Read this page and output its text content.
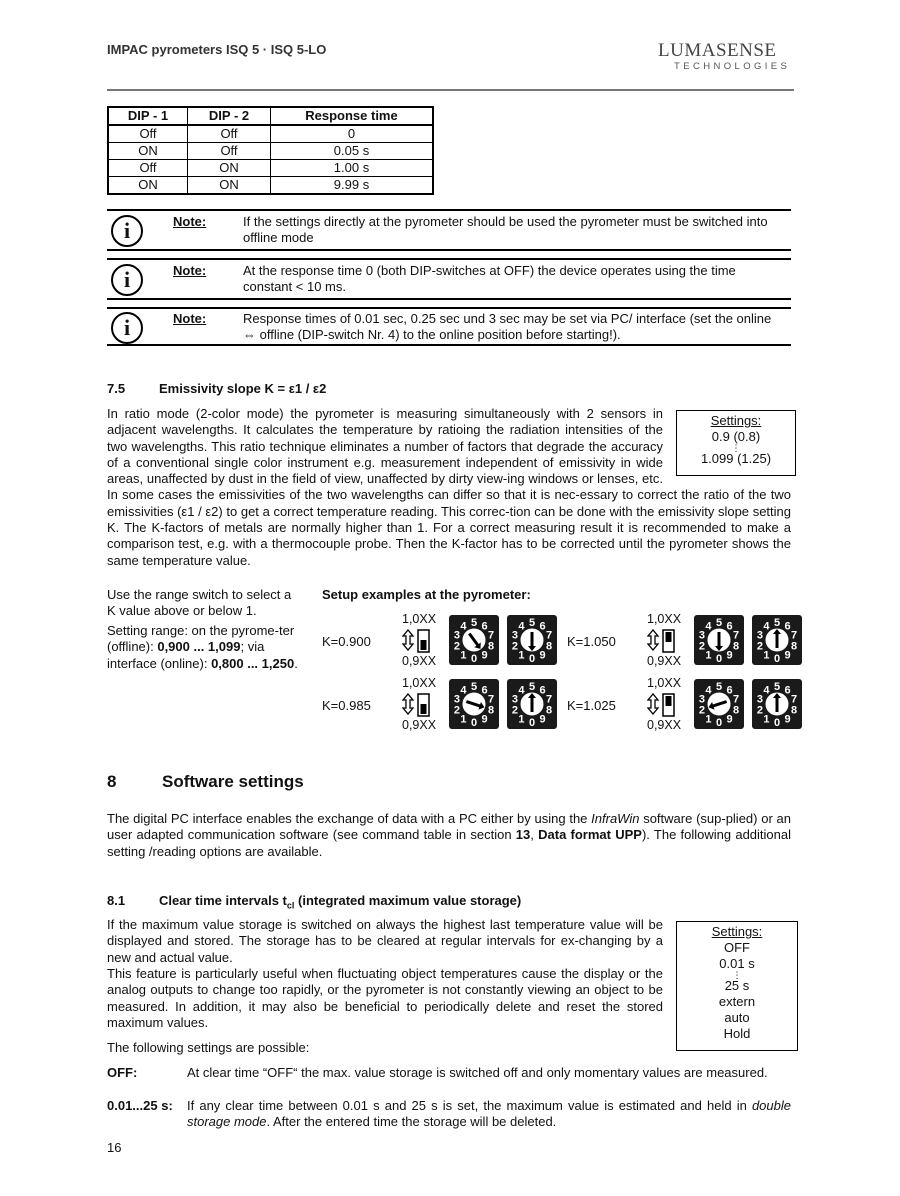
IMPAC pyrometers ISQ 5 · ISQ 5-LO	LUMASENSE
TECHNOLOGIES
DIP - 1	DIP - 2	Response time
Off	Off	0
ON	Off	0.05 s
Off	ON	1.00 s
ON	ON	9.99 s
i	Note:	If the settings directly at the pyrometer should be used the pyrometer must be switched into offline mode
i	Note:	At the response time 0 (both DIP-switches at OFF) the device operates using the time constant < 10 ms.
i	Note:	Response times of 0.01 sec, 0.25 sec und 3 sec may be set via PC/ interface (set the online ⇔ offline (DIP-switch Nr. 4) to the online position before starting!).
7.5	Emissivity slope K = ε1 / ε2
In ratio mode (2-color mode) the pyrometer is measuring simultaneously with 2 sensors in adjacent wavelengths. It calculates the temperature by ratioing the radiation intensities of the two wavelengths. This ratio technique eliminates a number of factors that degrade the accuracy of a conventional single color instrument e.g. measurement independent of emissivity in wide areas, unaffected by dust in the field of view, unaffected by dirty view-ing windows or lenses, etc. In some cases the emissivities of the two wavelengths can differ so that it is nec-essary to correct the ratio of the two emissivities (ε1 / ε2) to get a correct temperature reading. This correc-tion can be done with the emissivity slope setting K. The K-factors of metals are normally higher than 1. For a correct measuring result it is recommended to make a comparison test, e.g. with a thermocouple probe. Then the K-factor has to be corrected until the pyrometer shows the same temperature value.
Settings:
0.9 (0.8)
⋮
1.099 (1.25)
Use the range switch to select a K value above or below 1.
Setting range: on the pyrome-ter (offline): 0,900 ... 1,099; via interface (online): 0,800 ... 1,250.
Setup examples at the pyrometer:
K=0.900
1,0XX
0,9XX	0
1
2
3
4 5 6
7
8
9	0
1
2
3
4 5 6
7
8
9
K=1.050
1,0XX
0,9XX	0
1
2
3
4 5 6
7
8
9	0
1
2
3
4 5 6
7
8
9
K=0.985
1,0XX
0,9XX	0
1
2
3
4 5 6
7
8
9	0
1
2
3
4 5 6
7
8
9
K=1.025
1,0XX
0,9XX	0
1
2
3
4 5 6
7
8
9	0
1
2
3
4 5 6
7
8
9
8	Software settings
The digital PC interface enables the exchange of data with a PC either by using the InfraWin software (sup-plied) or an user adapted communication software (see command table in section 13, Data format UPP). The following additional setting /reading options are available.
8.1	Clear time intervals $t_{cl}$ (integrated maximum value storage)
If the maximum value storage is switched on always the highest last temperature value will be displayed and stored. The storage has to be cleared at regular intervals for ex-changing by a new and actual value.
This feature is particularly useful when fluctuating object temperatures cause the display or the analog outputs to change too rapidly, or the pyrometer is not constantly viewing an object to be measured. In addition, it may also be beneficial to periodically delete and reset the stored maximum values.
The following settings are possible:
Settings:
OFF
0.01 s
⋮
25 s
extern
auto
Hold
OFF:	At clear time “OFF“ the max. value storage is switched off and only momentary values are measured.
0.01...25 s: If any clear time between 0.01 s and 25 s is set, the maximum value is estimated and held in double storage mode. After the entered time the storage will be deleted.
16
